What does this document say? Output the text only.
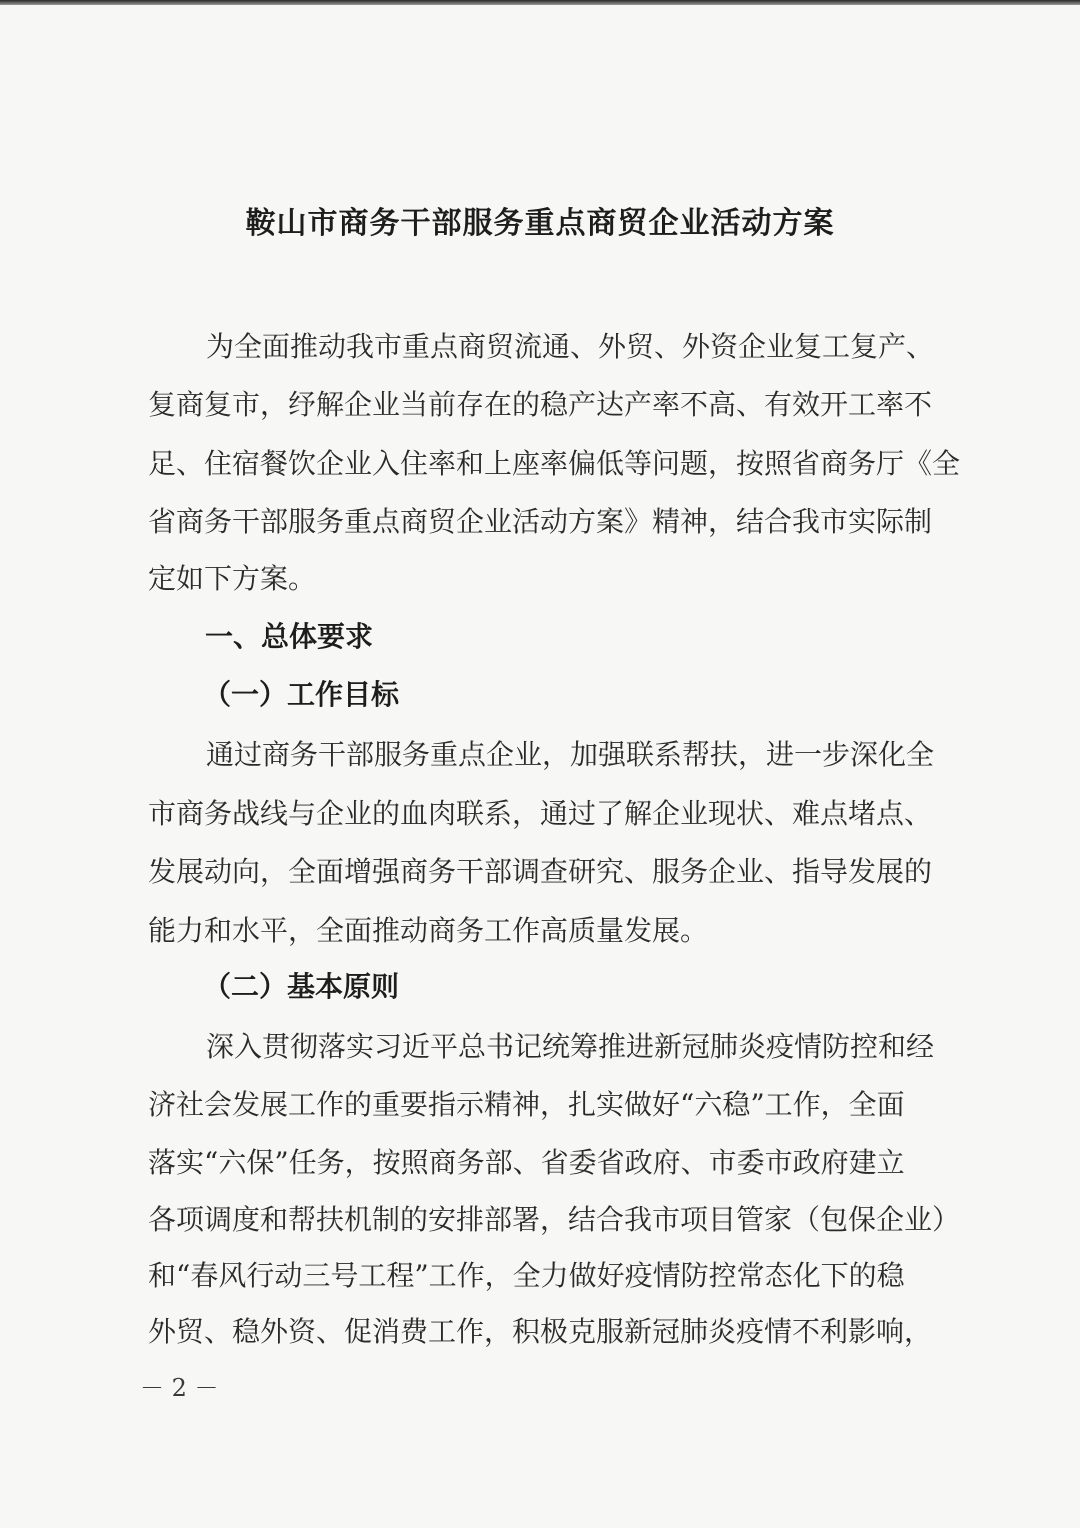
鞍山市商务干部服务重点商贸企业活动方案

为全面推动我市重点商贸流通、外贸、外资企业复工复产、

复商复市，纾解企业当前存在的稳产达产率不高、有效开工率不

足、住宿餐饮企业入住率和上座率偏低等问题，按照省商务厅《全

省商务干部服务重点商贸企业活动方案》精神，结合我市实际制

定如下方案。

一、总体要求

（一）工作目标

通过商务干部服务重点企业，加强联系帮扶，进一步深化全

市商务战线与企业的血肉联系，通过了解企业现状、难点堵点、

发展动向，全面增强商务干部调查研究、服务企业、指导发展的

能力和水平，全面推动商务工作高质量发展。

（二）基本原则

深入贯彻落实习近平总书记统筹推进新冠肺炎疫情防控和经

济社会发展工作的重要指示精神，扎实做好“六稳”工作，全面

落实“六保”任务，按照商务部、省委省政府、市委市政府建立

各项调度和帮扶机制的安排部署，结合我市项目管家（包保企业）

和“春风行动三号工程”工作，全力做好疫情防控常态化下的稳

外贸、稳外资、促消费工作，积极克服新冠肺炎疫情不利影响，

－ 2 －
